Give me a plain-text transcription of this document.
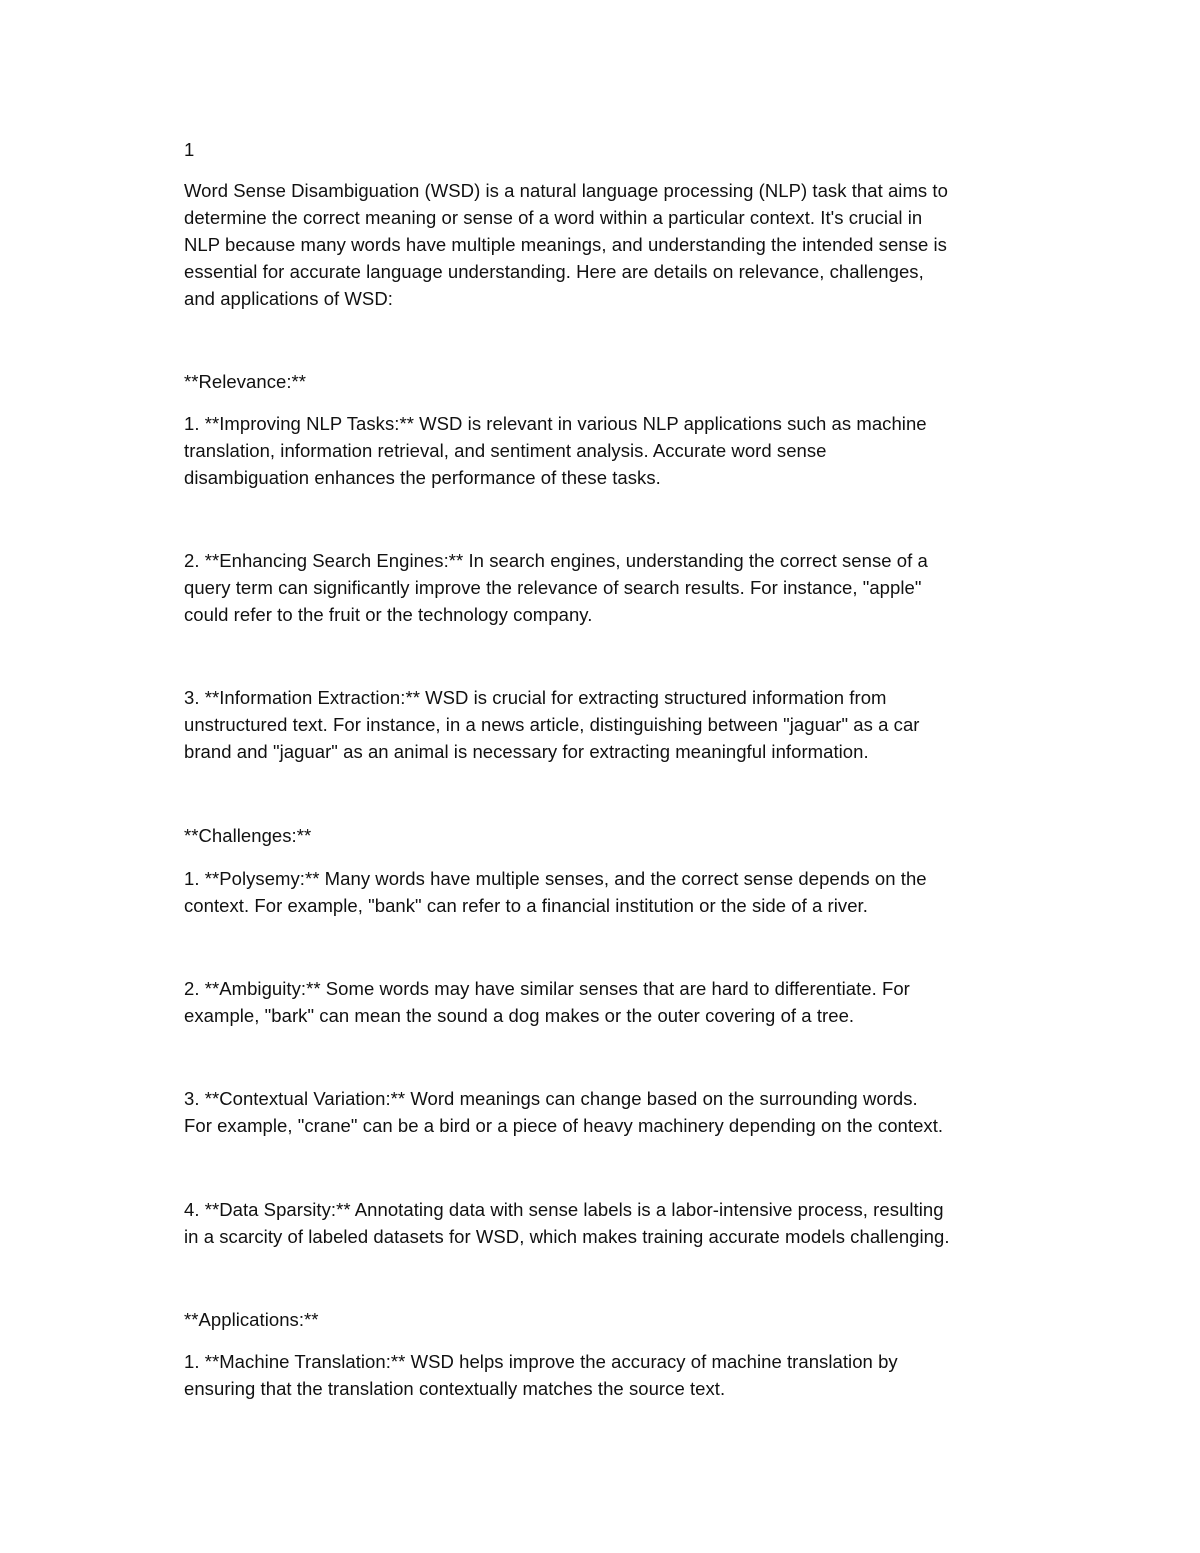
1

Word Sense Disambiguation (WSD) is a natural language processing (NLP) task that aims to

determine the correct meaning or sense of a word within a particular context. It's crucial in

NLP because many words have multiple meanings, and understanding the intended sense is

essential for accurate language understanding. Here are details on relevance, challenges,

and applications of WSD:

**Relevance:**

1. **Improving NLP Tasks:** WSD is relevant in various NLP applications such as machine

translation, information retrieval, and sentiment analysis. Accurate word sense

disambiguation enhances the performance of these tasks.

2. **Enhancing Search Engines:** In search engines, understanding the correct sense of a

query term can significantly improve the relevance of search results. For instance, "apple"

could refer to the fruit or the technology company.

3. **Information Extraction:** WSD is crucial for extracting structured information from

unstructured text. For instance, in a news article, distinguishing between "jaguar" as a car

brand and "jaguar" as an animal is necessary for extracting meaningful information.

**Challenges:**

1. **Polysemy:** Many words have multiple senses, and the correct sense depends on the

context. For example, "bank" can refer to a financial institution or the side of a river.

2. **Ambiguity:** Some words may have similar senses that are hard to differentiate. For

example, "bark" can mean the sound a dog makes or the outer covering of a tree.

3. **Contextual Variation:** Word meanings can change based on the surrounding words.

For example, "crane" can be a bird or a piece of heavy machinery depending on the context.

4. **Data Sparsity:** Annotating data with sense labels is a labor-intensive process, resulting

in a scarcity of labeled datasets for WSD, which makes training accurate models challenging.

**Applications:**

1. **Machine Translation:** WSD helps improve the accuracy of machine translation by

ensuring that the translation contextually matches the source text.
